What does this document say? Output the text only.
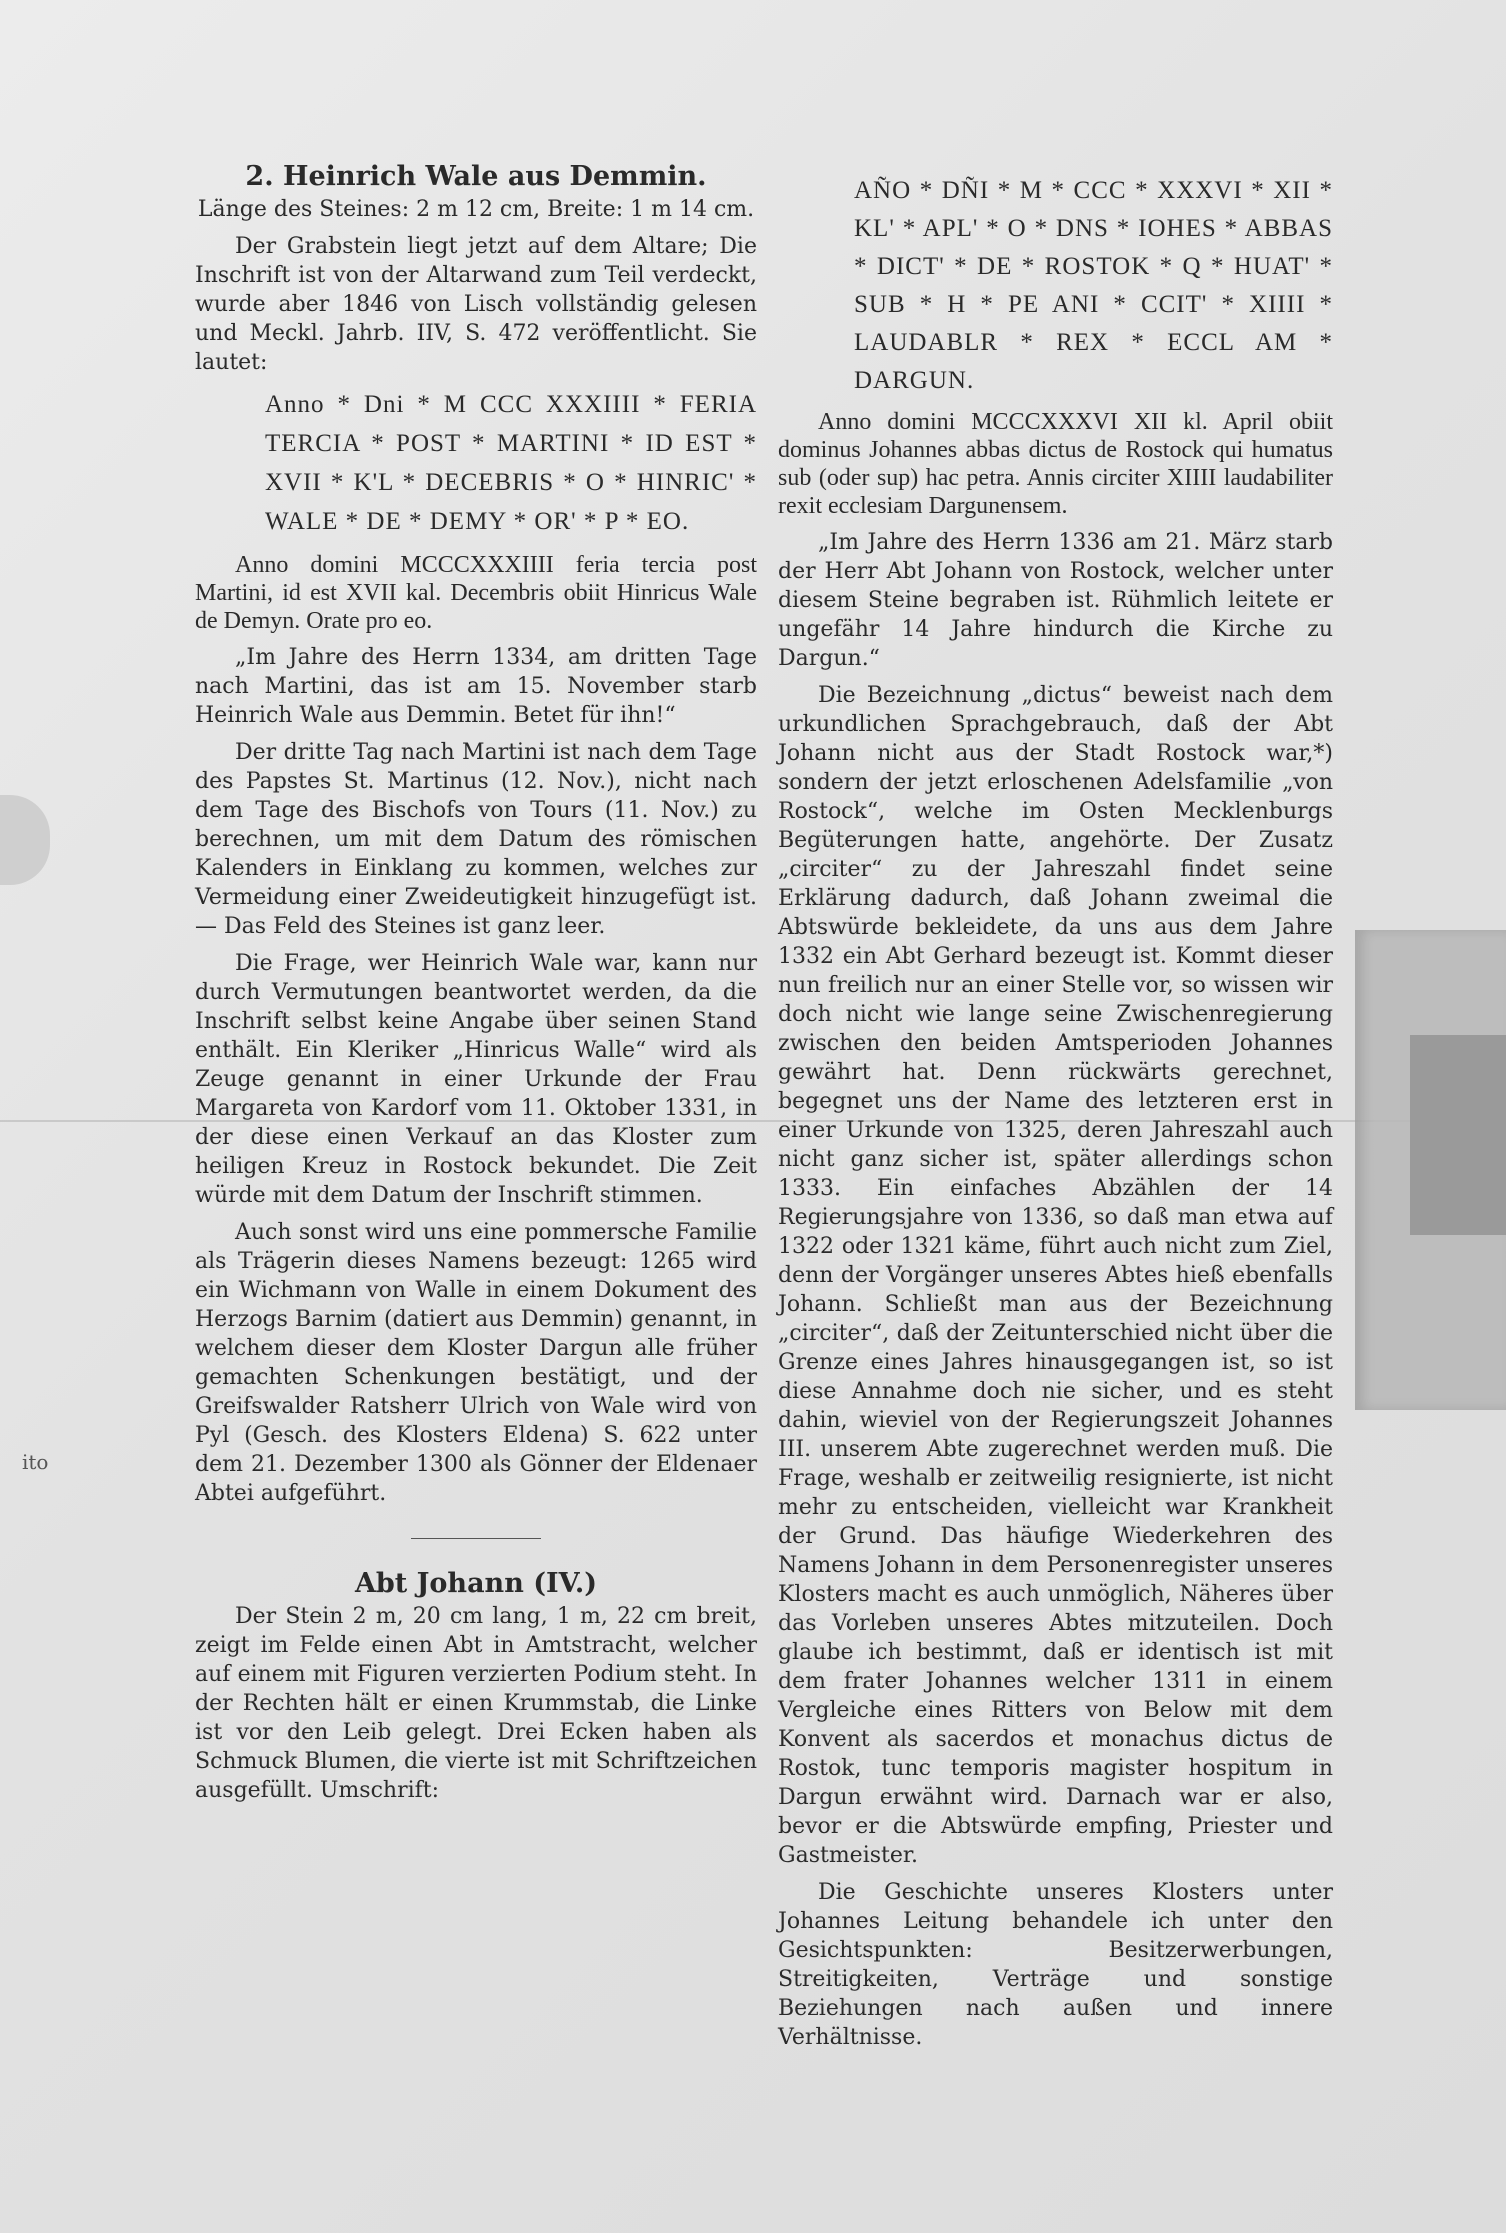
ito

2. Heinrich Wale aus Demmin.

Länge des Steines: 2 m 12 cm, Breite: 1 m 14 cm.

Der Grabstein liegt jetzt auf dem Altare; Die Inschrift ist von der Altarwand zum Teil verdeckt, wurde aber 1846 von Lisch vollständig gelesen und Meckl. Jahrb. IIV, S. 472 veröffentlicht. Sie lautet:

Anno * Dni * M CCC XXXIIII * FERIA TERCIA * POST * MARTINI * ID EST * XVII * K'L * DECEBRIS * O * HINRIC' * WALE * DE * DEMY * OR' * P * EO.

Anno domini MCCCXXXIIII feria tercia post Martini, id est XVII kal. Decembris obiit Hinricus Wale de Demyn. Orate pro eo.

„Im Jahre des Herrn 1334, am dritten Tage nach Martini, das ist am 15. November starb Heinrich Wale aus Demmin. Betet für ihn!“

Der dritte Tag nach Martini ist nach dem Tage des Papstes St. Martinus (12. Nov.), nicht nach dem Tage des Bischofs von Tours (11. Nov.) zu berechnen, um mit dem Datum des römischen Kalenders in Einklang zu kommen, welches zur Vermeidung einer Zweideutigkeit hinzugefügt ist. — Das Feld des Steines ist ganz leer.

Die Frage, wer Heinrich Wale war, kann nur durch Vermutungen beantwortet werden, da die Inschrift selbst keine Angabe über seinen Stand enthält. Ein Kleriker „Hinricus Walle“ wird als Zeuge genannt in einer Urkunde der Frau Margareta von Kardorf vom 11. Oktober 1331, in der diese einen Verkauf an das Kloster zum heiligen Kreuz in Rostock bekundet. Die Zeit würde mit dem Datum der Inschrift stimmen.

Auch sonst wird uns eine pommersche Familie als Trägerin dieses Namens bezeugt: 1265 wird ein Wichmann von Walle in einem Dokument des Herzogs Barnim (datiert aus Demmin) genannt, in welchem dieser dem Kloster Dargun alle früher gemachten Schenkungen bestätigt, und der Greifswalder Ratsherr Ulrich von Wale wird von Pyl (Gesch. des Klosters Eldena) S. 622 unter dem 21. Dezember 1300 als Gönner der Eldenaer Abtei aufgeführt.

Abt Johann (IV.)

Der Stein 2 m, 20 cm lang, 1 m, 22 cm breit, zeigt im Felde einen Abt in Amtstracht, welcher auf einem mit Figuren verzierten Podium steht. In der Rechten hält er einen Krummstab, die Linke ist vor den Leib gelegt. Drei Ecken haben als Schmuck Blumen, die vierte ist mit Schriftzeichen ausgefüllt. Umschrift:

AÑO * DÑI * M * CCC * XXXVI * XII * KL' * APL' * O * DNS * IOHES * ABBAS * DICT' * DE * ROSTOK * Q * HUAT' * SUB * H * PE ANI * CCIT' * XIIII * LAUDABLR * REX * ECCL AM * DARGUN.

Anno domini MCCCXXXVI XII kl. April obiit dominus Johannes abbas dictus de Rostock qui humatus sub (oder sup) hac petra. Annis circiter XIIII laudabiliter rexit ecclesiam Dargunensem.

„Im Jahre des Herrn 1336 am 21. März starb der Herr Abt Johann von Rostock, welcher unter diesem Steine begraben ist. Rühmlich leitete er ungefähr 14 Jahre hindurch die Kirche zu Dargun.“

Die Bezeichnung „dictus“ beweist nach dem urkundlichen Sprachgebrauch, daß der Abt Johann nicht aus der Stadt Rostock war,*) sondern der jetzt erloschenen Adelsfamilie „von Rostock“, welche im Osten Mecklenburgs Begüterungen hatte, angehörte. Der Zusatz „circiter“ zu der Jahreszahl findet seine Erklärung dadurch, daß Johann zweimal die Abtswürde bekleidete, da uns aus dem Jahre 1332 ein Abt Gerhard bezeugt ist. Kommt dieser nun freilich nur an einer Stelle vor, so wissen wir doch nicht wie lange seine Zwischenregierung zwischen den beiden Amtsperioden Johannes gewährt hat. Denn rückwärts gerechnet, begegnet uns der Name des letzteren erst in einer Urkunde von 1325, deren Jahreszahl auch nicht ganz sicher ist, später allerdings schon 1333. Ein einfaches Abzählen der 14 Regierungsjahre von 1336, so daß man etwa auf 1322 oder 1321 käme, führt auch nicht zum Ziel, denn der Vorgänger unseres Abtes hieß ebenfalls Johann. Schließt man aus der Bezeichnung „circiter“, daß der Zeitunterschied nicht über die Grenze eines Jahres hinausgegangen ist, so ist diese Annahme doch nie sicher, und es steht dahin, wieviel von der Regierungszeit Johannes III. unserem Abte zugerechnet werden muß. Die Frage, weshalb er zeitweilig resignierte, ist nicht mehr zu entscheiden, vielleicht war Krankheit der Grund. Das häufige Wiederkehren des Namens Johann in dem Personenregister unseres Klosters macht es auch unmöglich, Näheres über das Vorleben unseres Abtes mitzuteilen. Doch glaube ich bestimmt, daß er identisch ist mit dem frater Johannes welcher 1311 in einem Vergleiche eines Ritters von Below mit dem Konvent als sacerdos et monachus dictus de Rostok, tunc temporis magister hospitum in Dargun erwähnt wird. Darnach war er also, bevor er die Abtswürde empfing, Priester und Gastmeister.

Die Geschichte unseres Klosters unter Johannes Leitung behandele ich unter den Gesichtspunkten: Besitzerwerbungen, Streitigkeiten, Verträge und sonstige Beziehungen nach außen und innere Verhältnisse.
